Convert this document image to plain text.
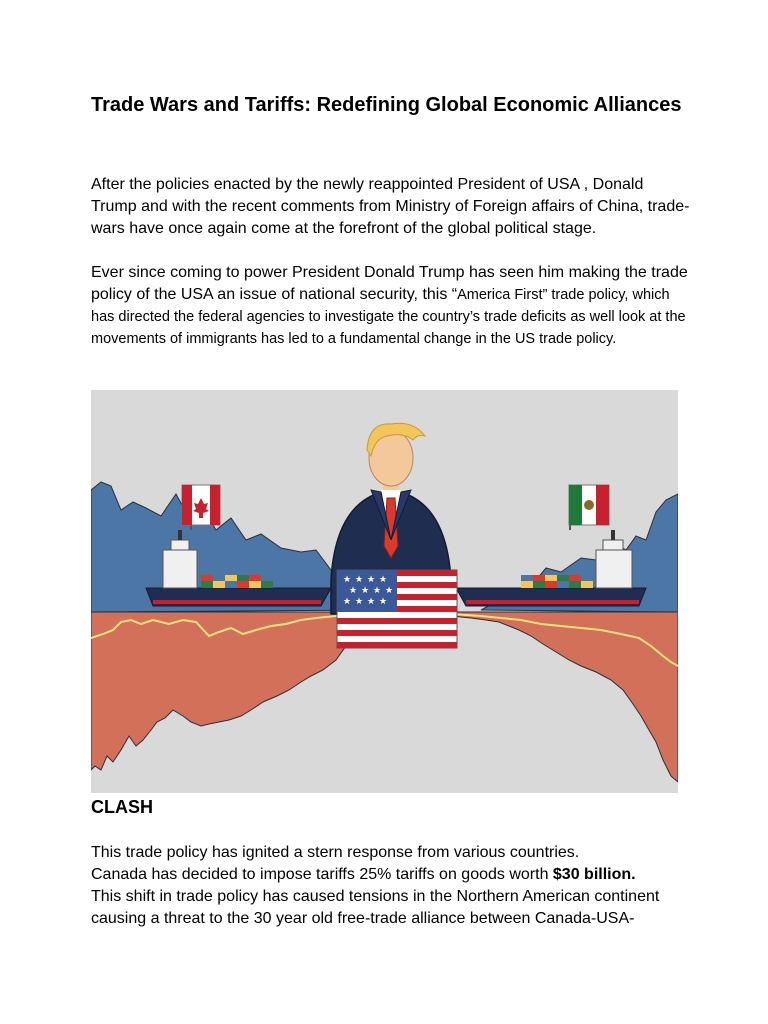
Trade Wars and Tariffs: Redefining Global Economic Alliances

After the policies enacted by the newly reappointed President of USA , Donald Trump and with the recent comments from Ministry of Foreign affairs of China, trade-wars have once again come at the forefront of the global political stage.

Ever since coming to power President Donald Trump has seen him making the trade policy of the USA an issue of national security, this “America First” trade policy, which has directed the federal agencies to investigate the country’s trade deficits as well look at the movements of immigrants has led to a fundamental change in the US trade policy.

★ ★ ★ ★
★ ★ ★ ★
★ ★ ★ ★
CLASH

This trade policy has ignited a stern response from various countries.
Canada has decided to impose tariffs 25% tariffs on goods worth $30 billion.
This shift in trade policy has caused tensions in the Northern American continent causing a threat to the 30 year old free-trade alliance between Canada-USA-
